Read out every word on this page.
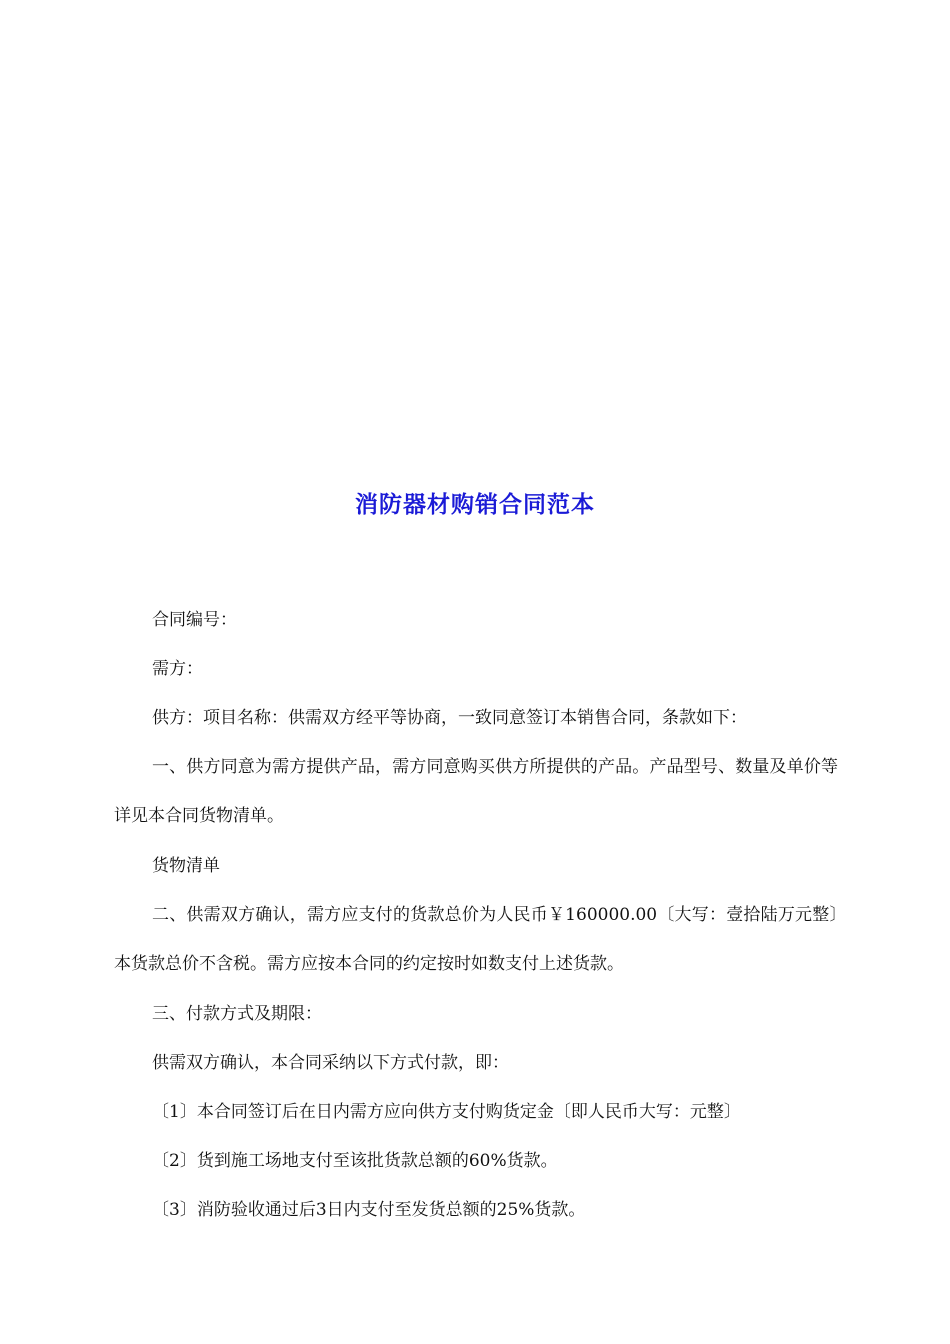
消防器材购销合同范本

合同编号：

需方：

供方：项目名称：供需双方经平等协商，一致同意签订本销售合同，条款如下：

一、供方同意为需方提供产品，需方同意购买供方所提供的产品。产品型号、数量及单价等详见本合同货物清单。

货物清单

二、供需双方确认，需方应支付的货款总价为人民币￥160000.00〔大写：壹拾陆万元整〕本货款总价不含税。需方应按本合同的约定按时如数支付上述货款。

三、付款方式及期限：

供需双方确认，本合同采纳以下方式付款，即：

〔1〕本合同签订后在日内需方应向供方支付购货定金〔即人民币大写：元整〕

〔2〕货到施工场地支付至该批货款总额的60%货款。

〔3〕消防验收通过后3日内支付至发货总额的25%货款。
